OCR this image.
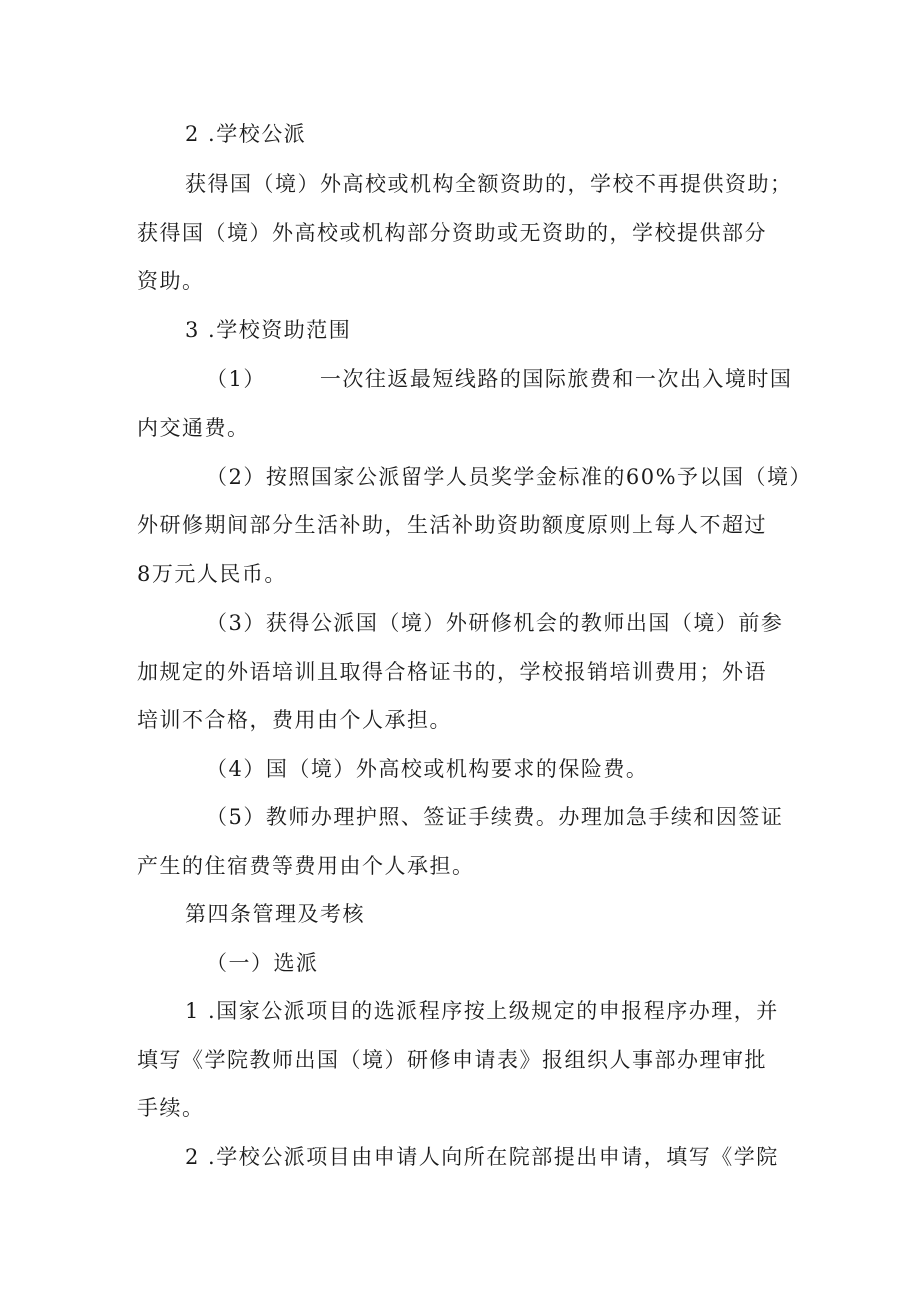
2 .学校公派
获得国（境）外高校或机构全额资助的，学校不再提供资助；
获得国（境）外高校或机构部分资助或无资助的，学校提供部分
资助。
3 .学校资助范围
（1）	一次往返最短线路的国际旅费和一次出入境时国
内交通费。
（2）按照国家公派留学人员奖学金标准的60%予以国（境）
外研修期间部分生活补助，生活补助资助额度原则上每人不超过
8万元人民币。
（3）获得公派国（境）外研修机会的教师出国（境）前参
加规定的外语培训且取得合格证书的，学校报销培训费用；外语
培训不合格，费用由个人承担。
（4）国（境）外高校或机构要求的保险费。
（5）教师办理护照、签证手续费。办理加急手续和因签证
产生的住宿费等费用由个人承担。
第四条管理及考核
（一）选派
1 .国家公派项目的选派程序按上级规定的申报程序办理，并
填写《学院教师出国（境）研修申请表》报组织人事部办理审批
手续。
2 .学校公派项目由申请人向所在院部提出申请，填写《学院
